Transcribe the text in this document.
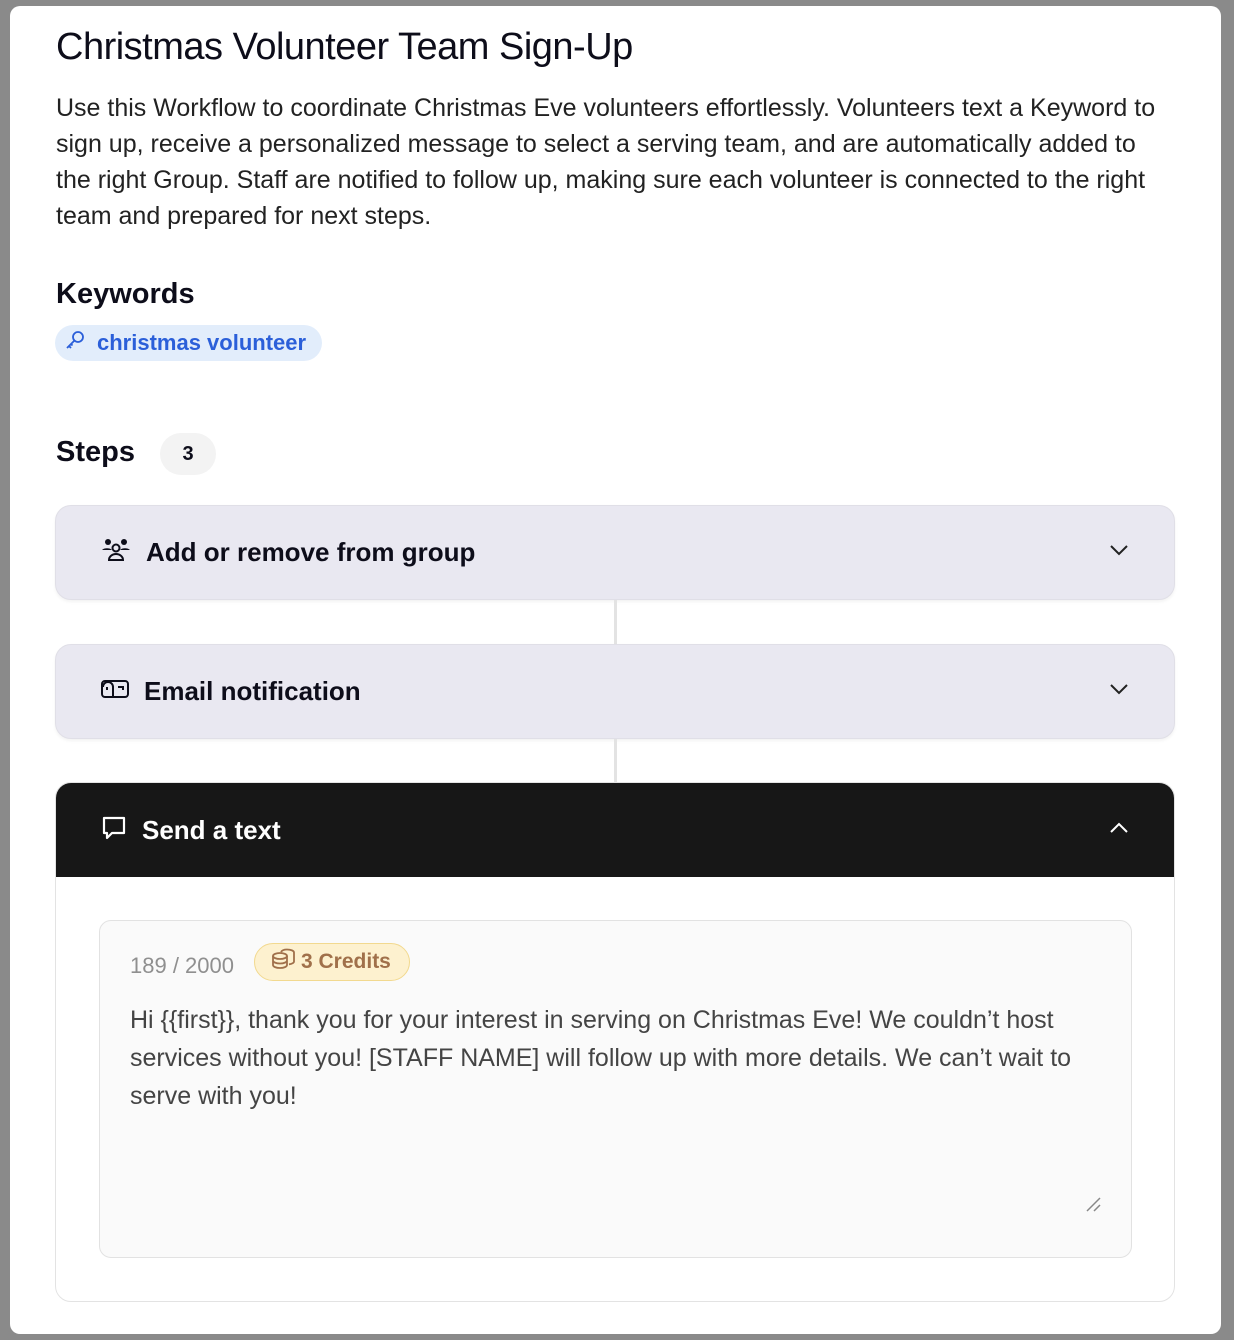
Christmas Volunteer Team Sign-Up

Use this Workflow to coordinate Christmas Eve volunteers effortlessly. Volunteers text a Keyword to sign up, receive a personalized message to select a serving team, and are automatically added to the right Group. Staff are notified to follow up, making sure each volunteer is connected to the right team and prepared for next steps.

Keywords
christmas volunteer
Steps	3
Add or remove from group
Email notification
Send a text
189 / 2000	3 Credits

Hi {{first}}, thank you for your interest in serving on Christmas Eve! We couldn’t host services without you! [STAFF NAME] will follow up with more details. We can’t wait to serve with you!
